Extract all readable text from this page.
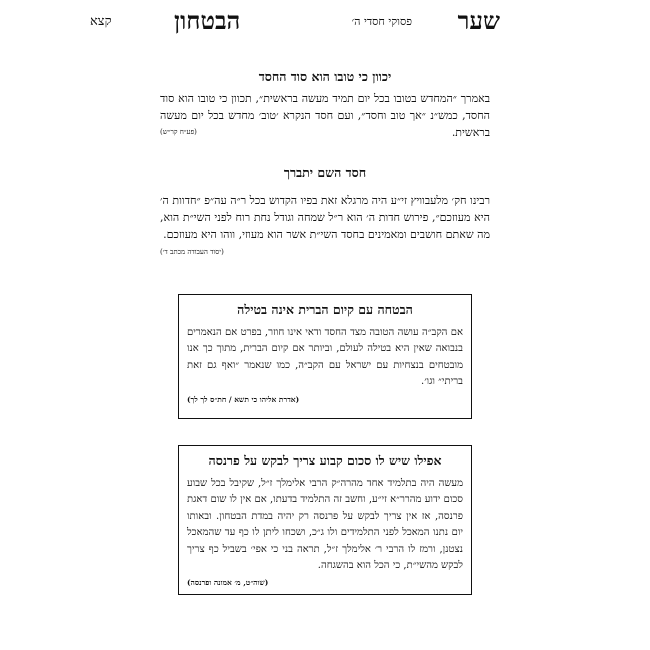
שער
פסוקי חסדי ה׳
הבטחון
קצא
יכוון כי טובו הוא סוד החסד

באמרך ״המחדש בטובו בכל יום תמיד מעשה בראשית״, תכוון כי טובו הוא סוד החסד, כמש״נ ״אך טוב וחסד״, ועם חסד הנקרא ׳טוב׳ מחדש בכל יום מעשה בראשית.
(פע״ח קר״ש)

חסד השם יתברך

רבינו חק׳ מלעבוויץ זי״ע היה מרגלא זאת בפיו הקדוש בכל ר״ה עה״פ ״חדוות ה׳ היא מעוזכם״, פירוש חדות ה׳ הוא ר״ל שמחה וגודל נחת רוח לפני השי״ת הוא, מה שאתם חושבים ומאמינים בחסד השי״ת אשר הוא מעוזי, ווהו היא מעוזכם.
(יסוד העבודה מכתב ד׳)

הבטחה עם קיום הברית אינה בטילה

אם הקב״ה עושה הטובה מצד החסד ודאי אינו חוזר, בפרט אם הנאמרים בנבואה שאין היא בטילה לעולם, וביותר אם קיום הברית, מתוך כך אנו מובטחים בנצחיות עם ישראל עם הקב״ה, כמו שנאמר ״ואף גם זאת בריתי״ וגו׳.

(אדרת אליהו כי תשא / חת״ס לך לך)
אפילו שיש לו סכום קבוע צריך לבקש על פרנסה

מעשה היה בתלמיד אחד מהרה״ק הרבי אלימלך ז״ל, שקיבל בכל שבוע סכום ידוע מהרר״א זי״ע, וחשב זה התלמיד בדעתו, אם אין לו שום דאגת פרנסה, אז אין צריך לבקש על פרנסה רק יהיה במדת הבטחון. ובאותו יום נתנו המאכל לפני התלמידים ולו ג״כ, ושכחו ליתן לו כף עד שהמאכל נצטנן, ורמז לו הרבי ר׳ אלימלך ז״ל, תראה בני כי אפי׳ בשביל כף צריך לבקש מהשי״ת, כי הכל הוא בהשגחה.

(שוה״ט, מ׳ אמונה ופרנסה)
